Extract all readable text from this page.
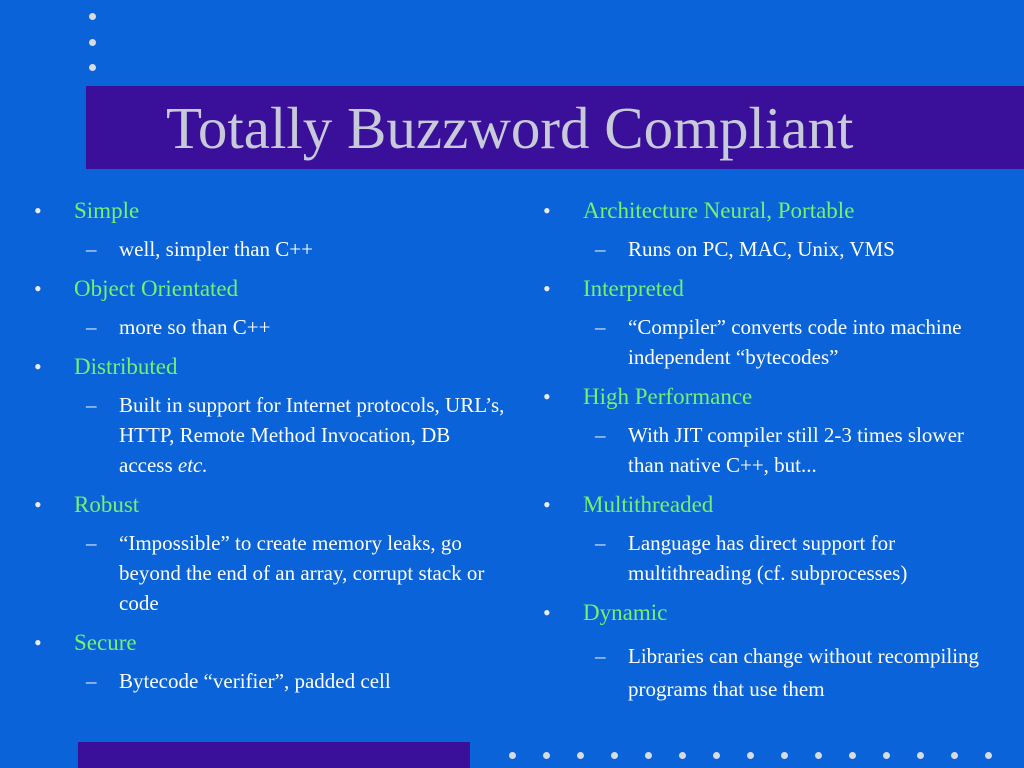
Totally Buzzword Compliant
•	Simple
–	well, simpler than C++
•	Object Orientated
–	more so than C++
•	Distributed
–	Built in support for Internet protocols, URL’s, HTTP, Remote Method Invocation, DB access etc.
•	Robust
–	“Impossible” to create memory leaks, go beyond the end of an array, corrupt stack or code
•	Secure
–	Bytecode “verifier”, padded cell
•	Architecture Neural, Portable
–	Runs on PC, MAC, Unix, VMS
•	Interpreted
–	“Compiler” converts code into machine independent “bytecodes”
•	High Performance
–	With JIT compiler still 2-3 times slower than native C++, but...
•	Multithreaded
–	Language has direct support for multithreading (cf. subprocesses)
•	Dynamic
–	Libraries can change without recompiling programs that use them
